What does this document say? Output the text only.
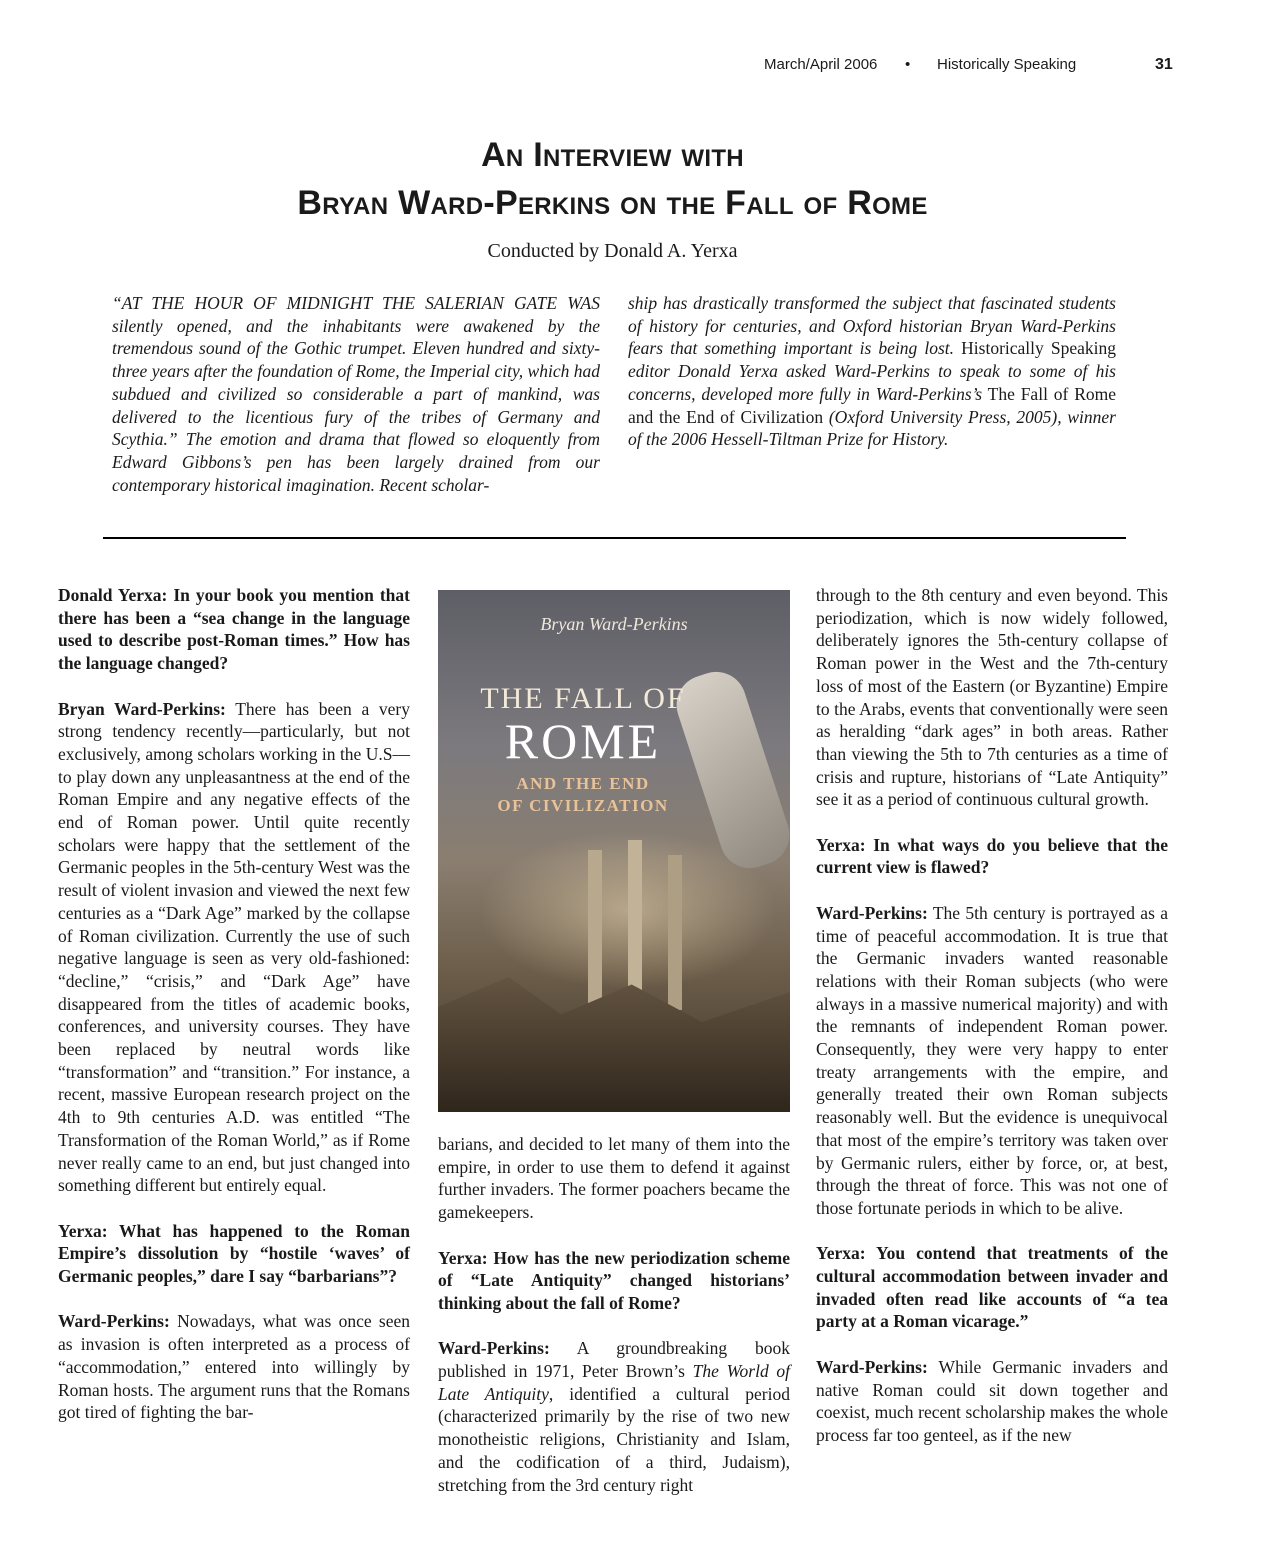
March/April 2006 • Historically Speaking	31
An Interview with
Bryan Ward-Perkins on the Fall of Rome
Conducted by Donald A. Yerxa

“AT THE HOUR OF MIDNIGHT THE SALERIAN GATE WAS silently opened, and the inhabitants were awakened by the tremendous sound of the Gothic trumpet. Eleven hundred and sixty-three years after the foundation of Rome, the Imperial city, which had subdued and civilized so considerable a part of mankind, was delivered to the licentious fury of the tribes of Germany and Scythia.” The emotion and drama that flowed so eloquently from Edward Gibbons’s pen has been largely drained from our contemporary historical imagination. Recent scholar-

ship has drastically transformed the subject that fascinated students of history for centuries, and Oxford historian Bryan Ward-Perkins fears that something important is being lost. Historically Speaking editor Donald Yerxa asked Ward-Perkins to speak to some of his concerns, developed more fully in Ward-Perkins’s The Fall of Rome and the End of Civilization (Oxford University Press, 2005), winner of the 2006 Hessell-Tiltman Prize for History.

Donald Yerxa: In your book you mention that there has been a “sea change in the language used to describe post-Roman times.” How has the language changed?

Bryan Ward-Perkins: There has been a very strong tendency recently—particularly, but not exclusively, among scholars working in the U.S—to play down any unpleasantness at the end of the Roman Empire and any negative effects of the end of Roman power. Until quite recently scholars were happy that the settlement of the Germanic peoples in the 5th-century West was the result of violent invasion and viewed the next few centuries as a “Dark Age” marked by the collapse of Roman civilization. Currently the use of such negative language is seen as very old-fashioned: “decline,” “crisis,” and “Dark Age” have disappeared from the titles of academic books, conferences, and university courses. They have been replaced by neutral words like “transformation” and “transition.” For instance, a recent, massive European research project on the 4th to 9th centuries A.D. was entitled “The Transformation of the Roman World,” as if Rome never really came to an end, but just changed into something different but entirely equal.

Yerxa: What has happened to the Roman Empire’s dissolution by “hostile ‘waves’ of Germanic peoples,” dare I say “barbarians”?

Ward-Perkins: Nowadays, what was once seen as invasion is often interpreted as a process of “accommodation,” entered into willingly by Roman hosts. The argument runs that the Romans got tired of fighting the bar-

Bryan Ward-Perkins
THE FALL OF
ROME
AND THE END
OF CIVILIZATION

barians, and decided to let many of them into the empire, in order to use them to defend it against further invaders. The former poachers became the gamekeepers.

Yerxa: How has the new periodization scheme of “Late Antiquity” changed historians’ thinking about the fall of Rome?

Ward-Perkins: A groundbreaking book published in 1971, Peter Brown’s The World of Late Antiquity, identified a cultural period (characterized primarily by the rise of two new monotheistic religions, Christianity and Islam, and the codification of a third, Judaism), stretching from the 3rd century right

through to the 8th century and even beyond. This periodization, which is now widely followed, deliberately ignores the 5th-century collapse of Roman power in the West and the 7th-century loss of most of the Eastern (or Byzantine) Empire to the Arabs, events that conventionally were seen as heralding “dark ages” in both areas. Rather than viewing the 5th to 7th centuries as a time of crisis and rupture, historians of “Late Antiquity” see it as a period of continuous cultural growth.

Yerxa: In what ways do you believe that the current view is flawed?

Ward-Perkins: The 5th century is portrayed as a time of peaceful accommodation. It is true that the Germanic invaders wanted reasonable relations with their Roman subjects (who were always in a massive numerical majority) and with the remnants of independent Roman power. Consequently, they were very happy to enter treaty arrangements with the empire, and generally treated their own Roman subjects reasonably well. But the evidence is unequivocal that most of the empire’s territory was taken over by Germanic rulers, either by force, or, at best, through the threat of force. This was not one of those fortunate periods in which to be alive.

Yerxa: You contend that treatments of the cultural accommodation between invader and invaded often read like accounts of “a tea party at a Roman vicarage.”

Ward-Perkins: While Germanic invaders and native Roman could sit down together and coexist, much recent scholarship makes the whole process far too genteel, as if the new
